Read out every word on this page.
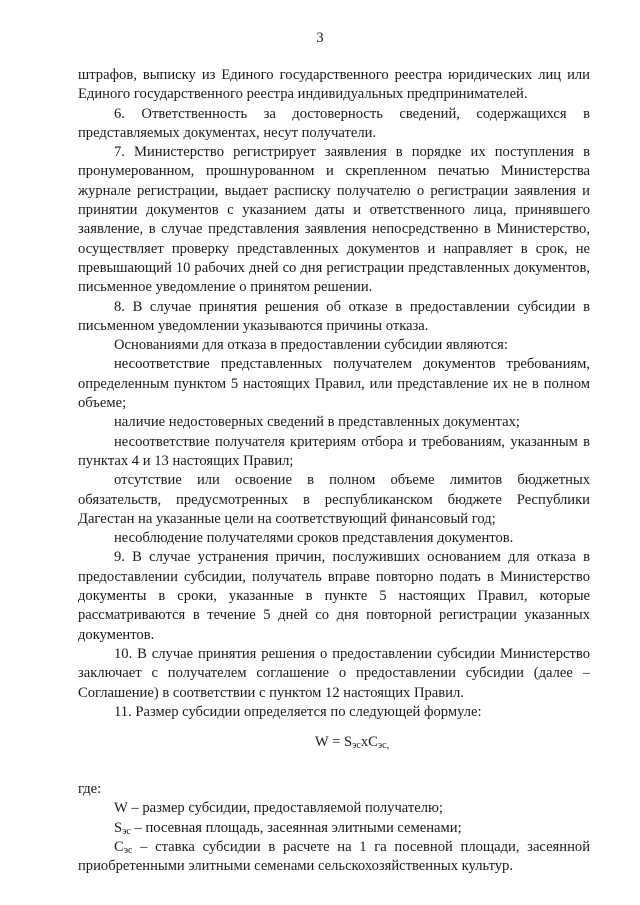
3

штрафов, выписку из Единого государственного реестра юридических лиц или Единого государственного реестра индивидуальных предпринимателей.

6. Ответственность за достоверность сведений, содержащихся в представляемых документах, несут получатели.

7. Министерство регистрирует заявления в порядке их поступления в пронумерованном, прошнурованном и скрепленном печатью Министерства журнале регистрации, выдает расписку получателю о регистрации заявления и принятии документов с указанием даты и ответственного лица, принявшего заявление, в случае представления заявления непосредственно в Министерство, осуществляет проверку представленных документов и направляет в срок, не превышающий 10 рабочих дней со дня регистрации представленных документов, письменное уведомление о принятом решении.

8. В случае принятия решения об отказе в предоставлении субсидии в письменном уведомлении указываются причины отказа.

Основаниями для отказа в предоставлении субсидии являются:

несоответствие представленных получателем документов требованиям, определенным пунктом 5 настоящих Правил, или представление их не в полном объеме;

наличие недостоверных сведений в представленных документах;

несоответствие получателя критериям отбора и требованиям, указанным в пунктах 4 и 13 настоящих Правил;

отсутствие или освоение в полном объеме лимитов бюджетных обязательств, предусмотренных в республиканском бюджете Республики Дагестан на указанные цели на соответствующий финансовый год;

несоблюдение получателями сроков представления документов.

9. В случае устранения причин, послуживших основанием для отказа в предоставлении субсидии, получатель вправе повторно подать в Министерство документы в сроки, указанные в пункте 5 настоящих Правил, которые рассматриваются в течение 5 дней со дня повторной регистрации указанных документов.

10. В случае принятия решения о предоставлении субсидии Министерство заключает с получателем соглашение о предоставлении субсидии (далее – Соглашение) в соответствии с пунктом 12 настоящих Правил.

11. Размер субсидии определяется по следующей формуле:

$W = S_{эс}хC_{эс,}$

где:

W – размер субсидии, предоставляемой получателю;

$S_{эс}$ – посевная площадь, засеянная элитными семенами;

$C_{эс}$ – ставка субсидии в расчете на 1 га посевной площади, засеянной приобретенными элитными семенами сельскохозяйственных культур.
